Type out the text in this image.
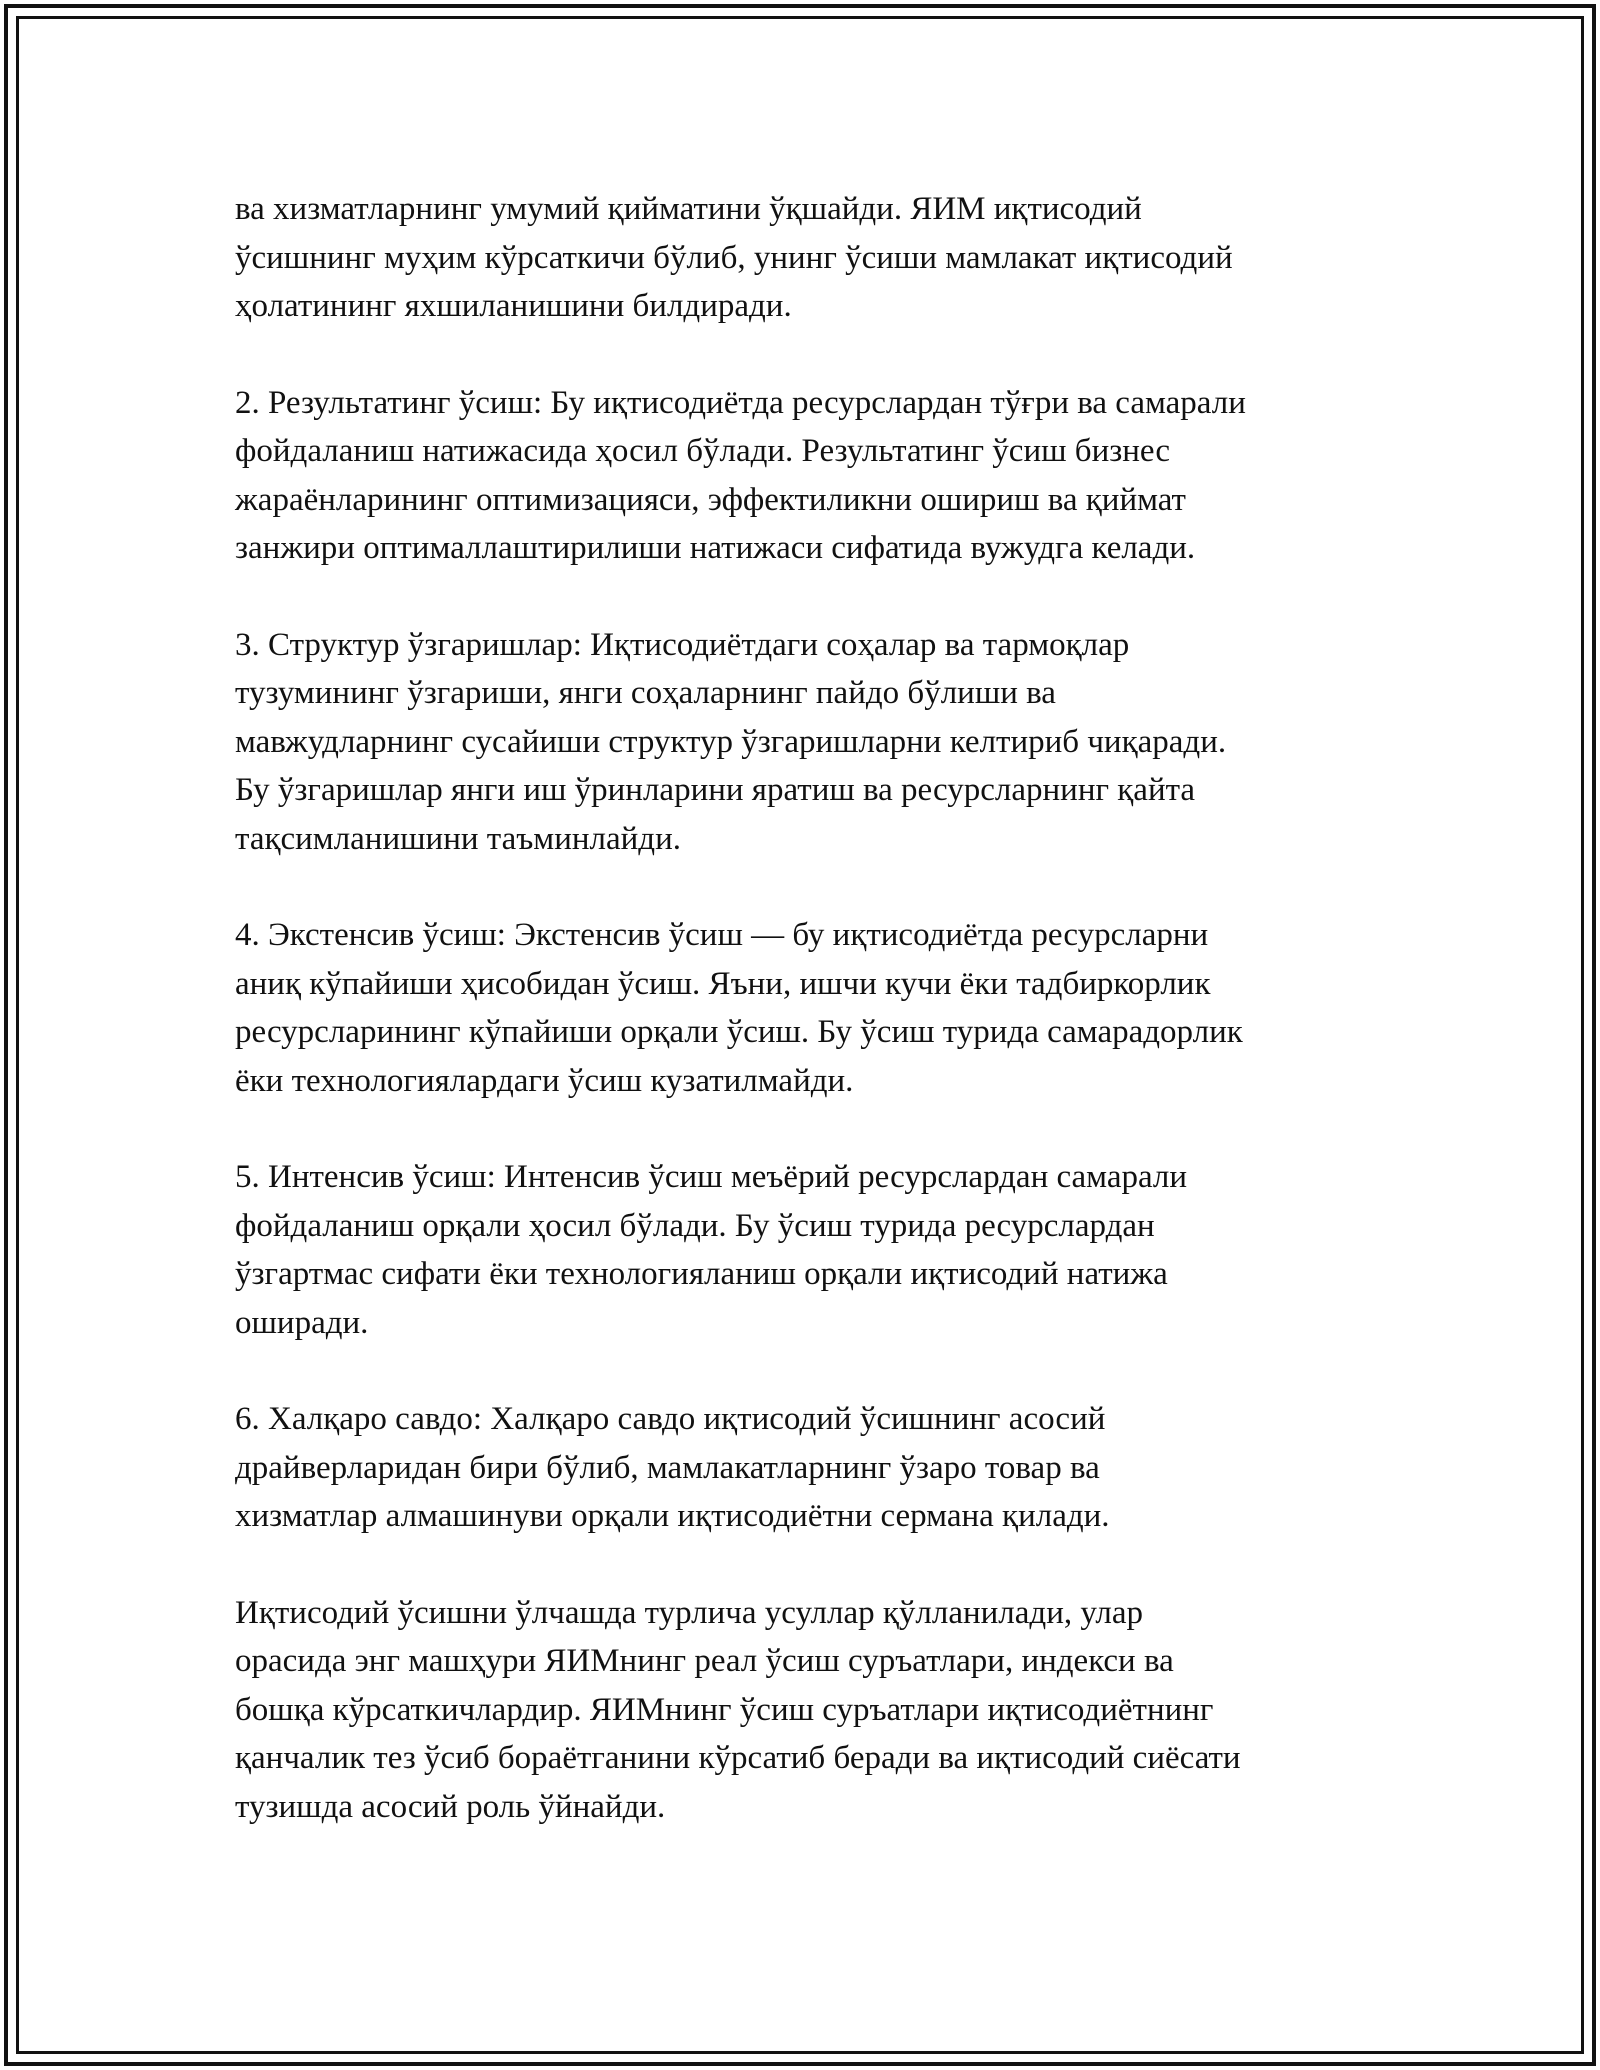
ва хизматларнинг умумий қийматини ўқшайди. ЯИМ иқтисодий
ўсишнинг муҳим кўрсаткичи бўлиб, унинг ўсиши мамлакат иқтисодий
ҳолатининг яхшиланишини билдиради.

2. Результатинг ўсиш: Бу иқтисодиётда ресурслардан тўғри ва самарали
фойдаланиш натижасида ҳосил бўлади. Результатинг ўсиш бизнес
жараёнларининг оптимизацияси, эффектиликни ошириш ва қиймат
занжири оптималлаштирилиши натижаси сифатида вужудга келади.

3. Структур ўзгаришлар: Иқтисодиётдаги соҳалар ва тармоқлар
тузумининг ўзгариши, янги соҳаларнинг пайдо бўлиши ва
мавжудларнинг сусайиши структур ўзгаришларни келтириб чиқаради.
Бу ўзгаришлар янги иш ўринларини яратиш ва ресурсларнинг қайта
тақсимланишини таъминлайди.

4. Экстенсив ўсиш: Экстенсив ўсиш — бу иқтисодиётда ресурсларни
аниқ кўпайиши ҳисобидан ўсиш. Яъни, ишчи кучи ёки тадбиркорлик
ресурсларининг кўпайиши орқали ўсиш. Бу ўсиш турида самарадорлик
ёки технологиялардаги ўсиш кузатилмайди.

5. Интенсив ўсиш: Интенсив ўсиш меъёрий ресурслардан самарали
фойдаланиш орқали ҳосил бўлади. Бу ўсиш турида ресурслардан
ўзгартмас сифати ёки технологияланиш орқали иқтисодий натижа
оширади.

6. Халқаро савдо: Халқаро савдо иқтисодий ўсишнинг асосий
драйверларидан бири бўлиб, мамлакатларнинг ўзаро товар ва
хизматлар алмашинуви орқали иқтисодиётни сермана қилади.

Иқтисодий ўсишни ўлчашда турлича усуллар қўлланилади, улар
орасида энг машҳури ЯИМнинг реал ўсиш суръатлари, индекси ва
бошқа кўрсаткичлардир. ЯИМнинг ўсиш суръатлари иқтисодиётнинг
қанчалик тез ўсиб бораётганини кўрсатиб беради ва иқтисодий сиёсати
тузишда асосий роль ўйнайди.
